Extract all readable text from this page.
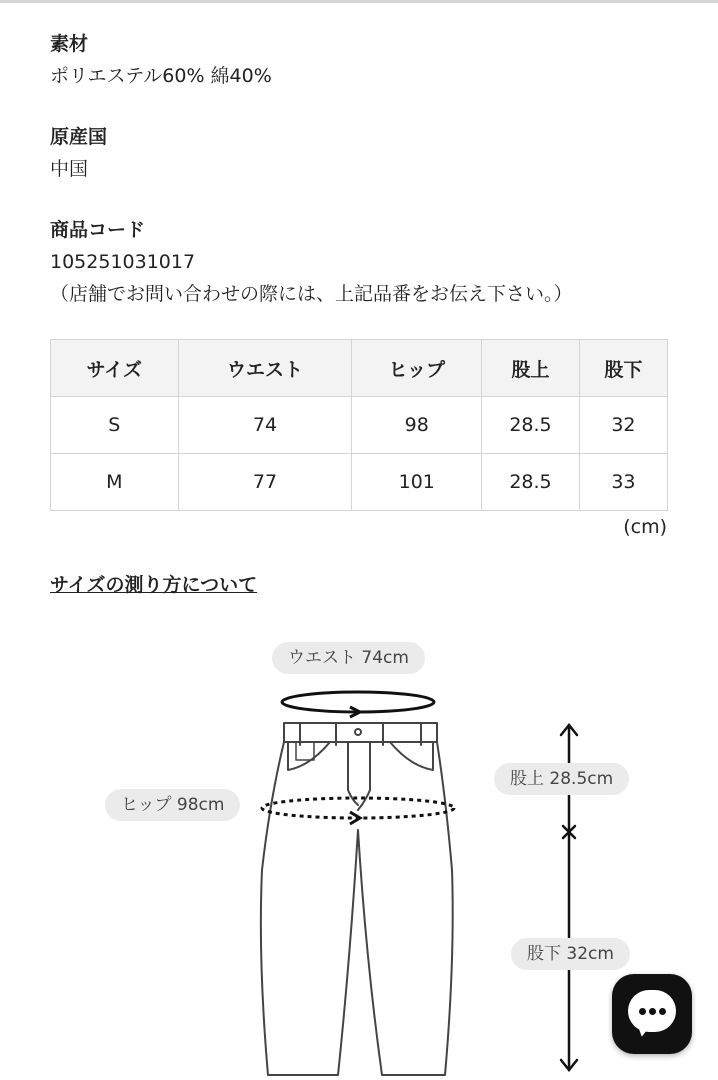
素材
ポリエステル60% 綿40%
原産国
中国
商品コード
105251031017
（店舗でお問い合わせの際には、上記品番をお伝え下さい。）
サイズ	ウエスト	ヒップ	股上	股下
S	74	98	28.5	32
M	77	101	28.5	33
(cm)
サイズの測り方について
ウエスト 74cm
ヒップ 98cm
股上 28.5cm
股下 32cm
